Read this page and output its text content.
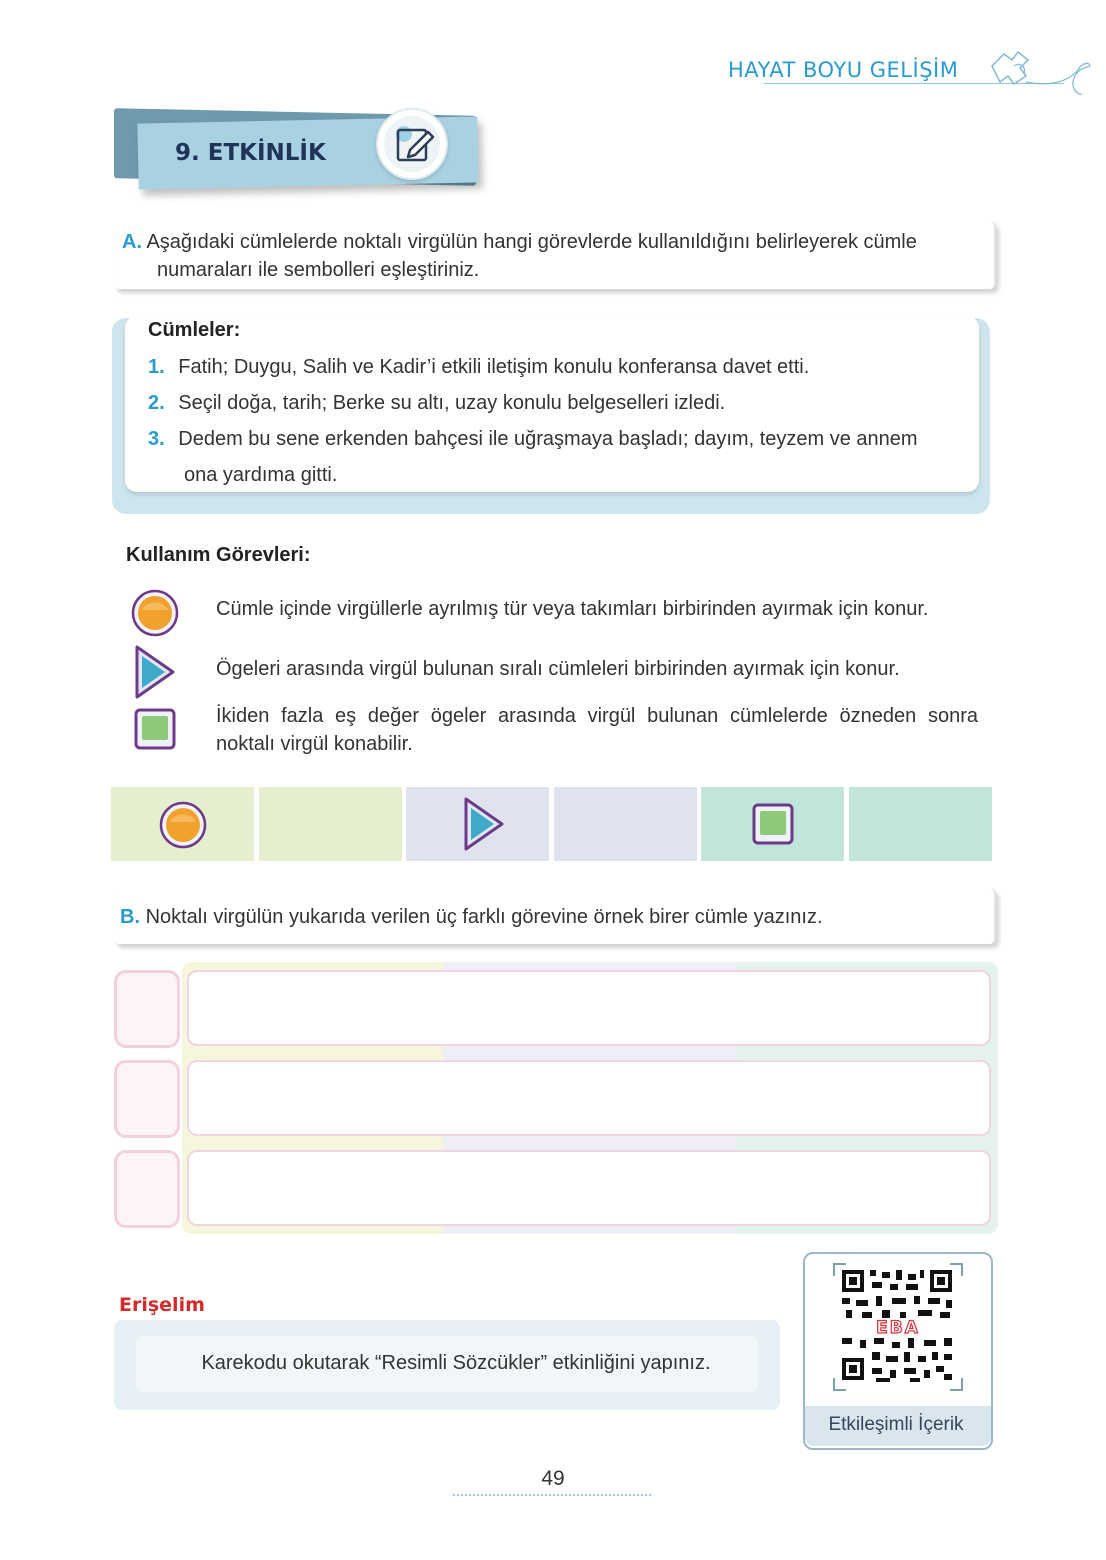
HAYAT BOYU GELİŞİM
9. ETKİNLİK
A. Aşağıdaki cümlelerde noktalı virgülün hangi görevlerde kullanıldığını belirleyerek cümle
numaraları ile sembolleri eşleştiriniz.
Cümleler:
1. Fatih; Duygu, Salih ve Kadir’i etkili iletişim konulu konferansa davet etti.
2. Seçil doğa, tarih; Berke su altı, uzay konulu belgeselleri izledi.
3. Dedem bu sene erkenden bahçesi ile uğraşmaya başladı; dayım, teyzem ve annem
ona yardıma gitti.
Kullanım Görevleri:
Cümle içinde virgüllerle ayrılmış tür veya takımları birbirinden ayırmak için konur.
Ögeleri arasında virgül bulunan sıralı cümleleri birbirinden ayırmak için konur.
İkiden fazla eş değer ögeler arasında virgül bulunan cümlelerde özneden sonra
noktalı virgül konabilir.
B. Noktalı virgülün yukarıda verilen üç farklı görevine örnek birer cümle yazınız.
Erişelim
Karekodu okutarak “Resimli Sözcükler” etkinliğini yapınız.
EBA
Etkileşimli İçerik
49
